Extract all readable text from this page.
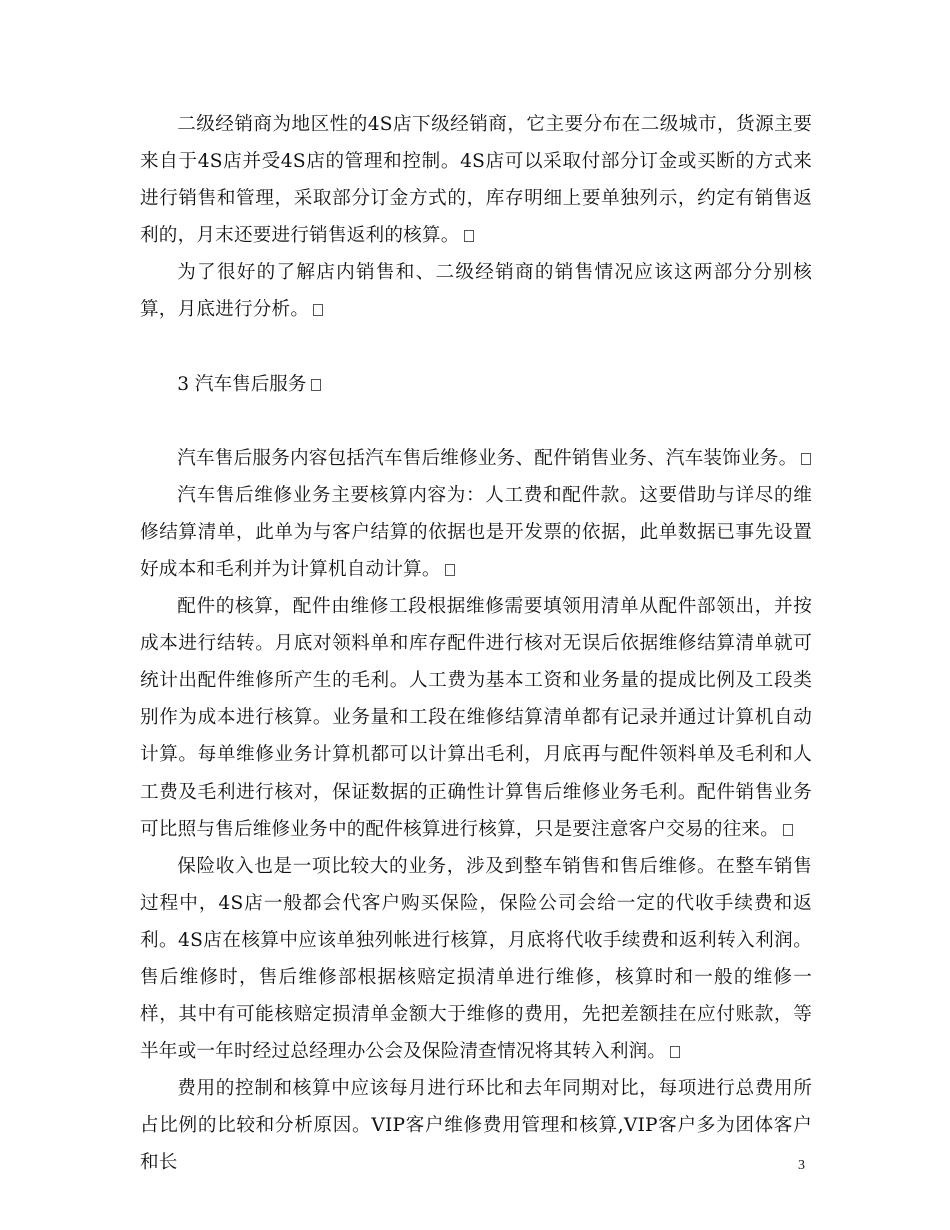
二级经销商为地区性的4S店下级经销商，它主要分布在二级城市，货源主要来自于4S店并受4S店的管理和控制。4S店可以采取付部分订金或买断的方式来进行销售和管理，采取部分订金方式的，库存明细上要单独列示，约定有销售返利的，月末还要进行销售返利的核算。

为了很好的了解店内销售和、二级经销商的销售情况应该这两部分分别核算，月底进行分析。

3 汽车售后服务

汽车售后服务内容包括汽车售后维修业务、配件销售业务、汽车装饰业务。

汽车售后维修业务主要核算内容为：人工费和配件款。这要借助与详尽的维修结算清单，此单为与客户结算的依据也是开发票的依据，此单数据已事先设置好成本和毛利并为计算机自动计算。

配件的核算，配件由维修工段根据维修需要填领用清单从配件部领出，并按成本进行结转。月底对领料单和库存配件进行核对无误后依据维修结算清单就可统计出配件维修所产生的毛利。人工费为基本工资和业务量的提成比例及工段类别作为成本进行核算。业务量和工段在维修结算清单都有记录并通过计算机自动计算。每单维修业务计算机都可以计算出毛利，月底再与配件领料单及毛利和人工费及毛利进行核对，保证数据的正确性计算售后维修业务毛利。配件销售业务可比照与售后维修业务中的配件核算进行核算，只是要注意客户交易的往来。

保险收入也是一项比较大的业务，涉及到整车销售和售后维修。在整车销售过程中，4S店一般都会代客户购买保险，保险公司会给一定的代收手续费和返利。4S店在核算中应该单独列帐进行核算，月底将代收手续费和返利转入利润。售后维修时，售后维修部根据核赔定损清单进行维修，核算时和一般的维修一样，其中有可能核赔定损清单金额大于维修的费用，先把差额挂在应付账款，等半年或一年时经过总经理办公会及保险清查情况将其转入利润。

费用的控制和核算中应该每月进行环比和去年同期对比，每项进行总费用所占比例的比较和分析原因。VIP客户维修费用管理和核算,VIP客户多为团体客户和长	3
